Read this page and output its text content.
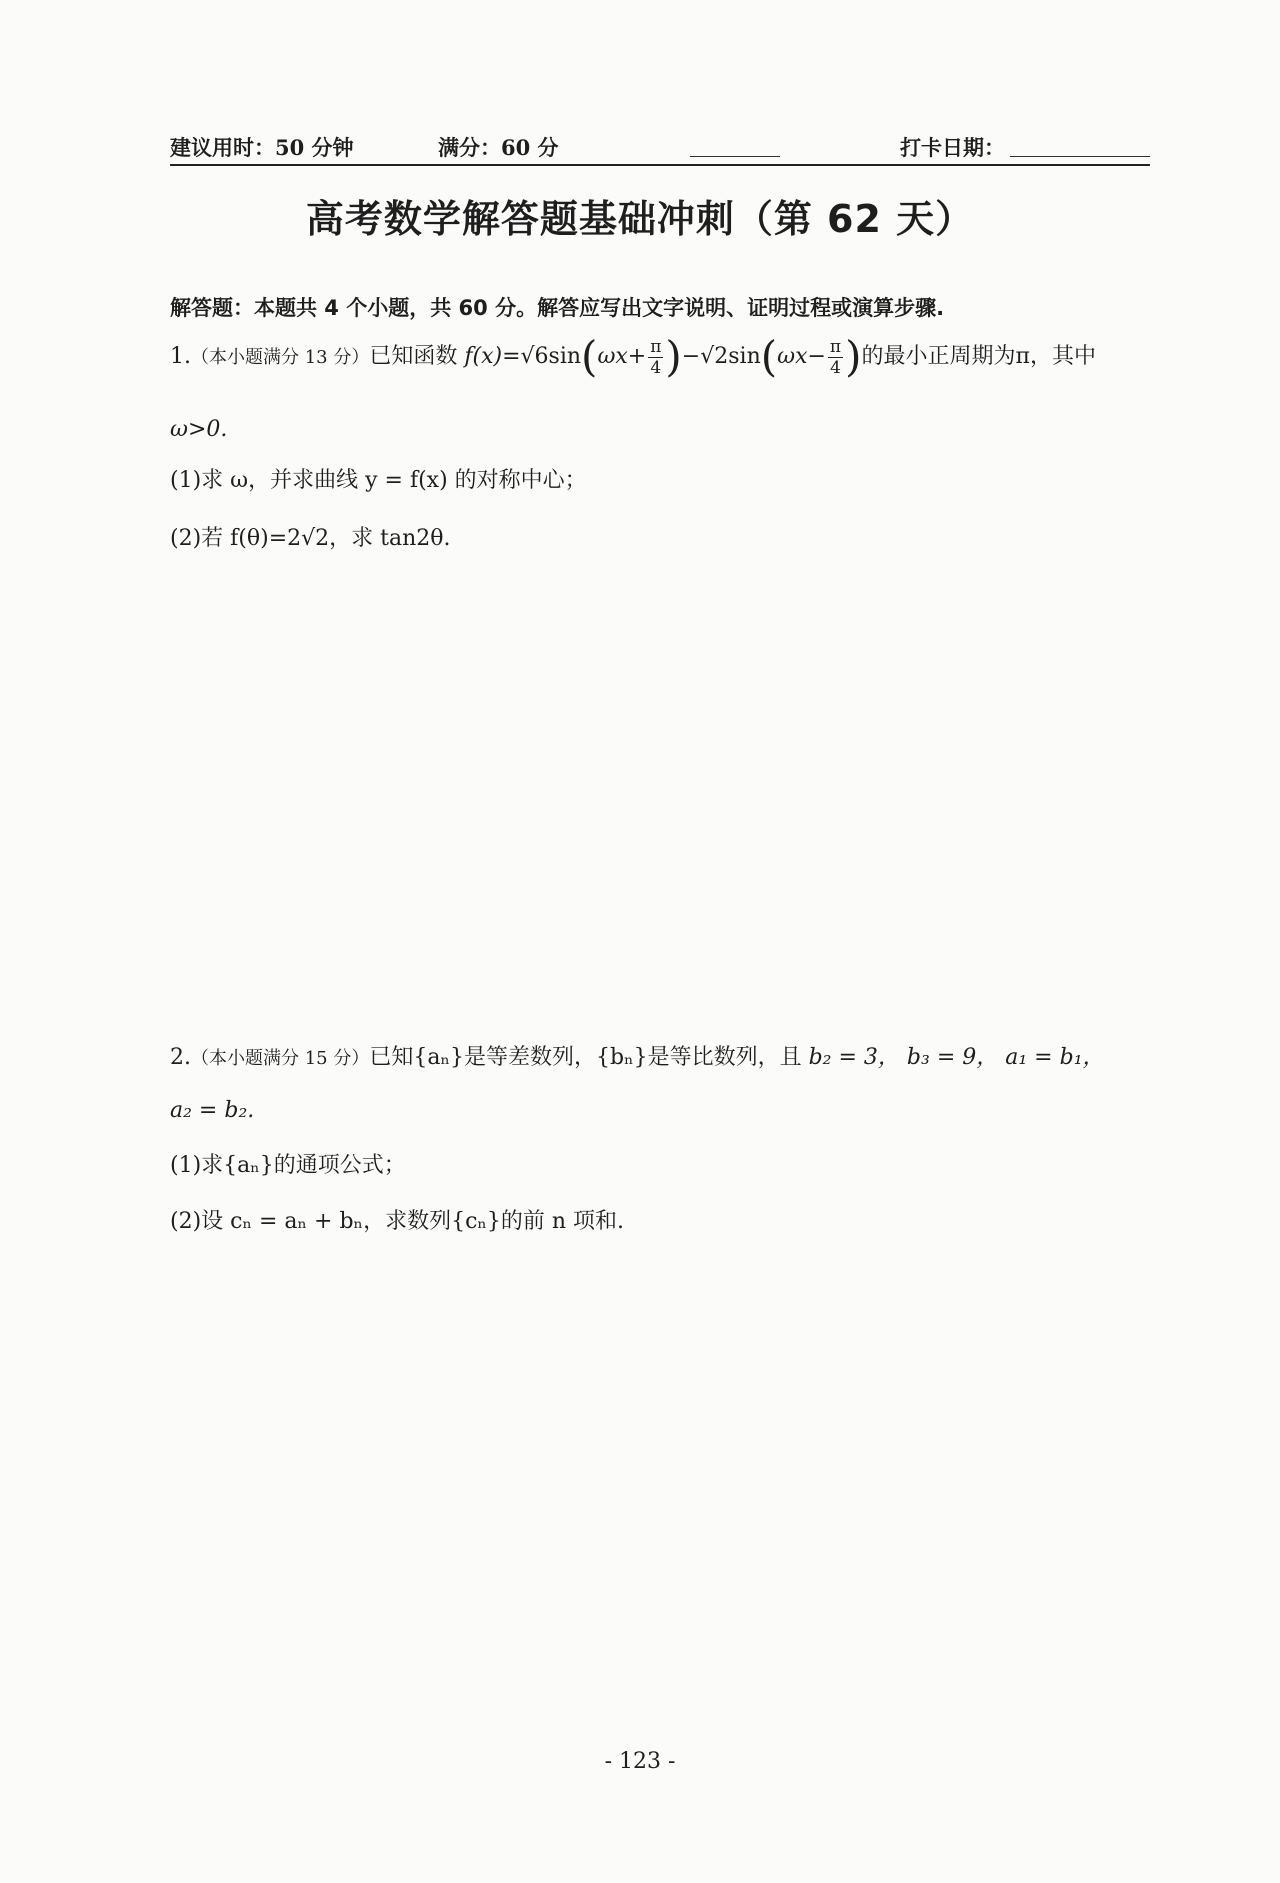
建议用时：50 分钟	满分：60 分	打卡日期：
高考数学解答题基础冲刺（第 62 天）
解答题：本题共 4 个小题，共 60 分。解答应写出文字说明、证明过程或演算步骤.
1.（本小题满分 13 分）已知函数 $f(x)=√6\sin(\omega x+ \frac{\pi}{4} )-√2\sin(\omega x- \frac{\pi}{4}$ )的最小正周期为π，其中
ω>0.
(1)求 ω，并求曲线 y = f(x) 的对称中心；
(2)若 f(θ)=2√2，求 tan2θ.
2.（本小题满分 15 分）已知{aₙ}是等差数列，{bₙ}是等比数列，且 b₂ = 3， b₃ = 9， a₁ = b₁，
a₂ = b₂.
(1)求{aₙ}的通项公式；
(2)设 cₙ = aₙ + bₙ，求数列{cₙ}的前 n 项和.
- 123 -
